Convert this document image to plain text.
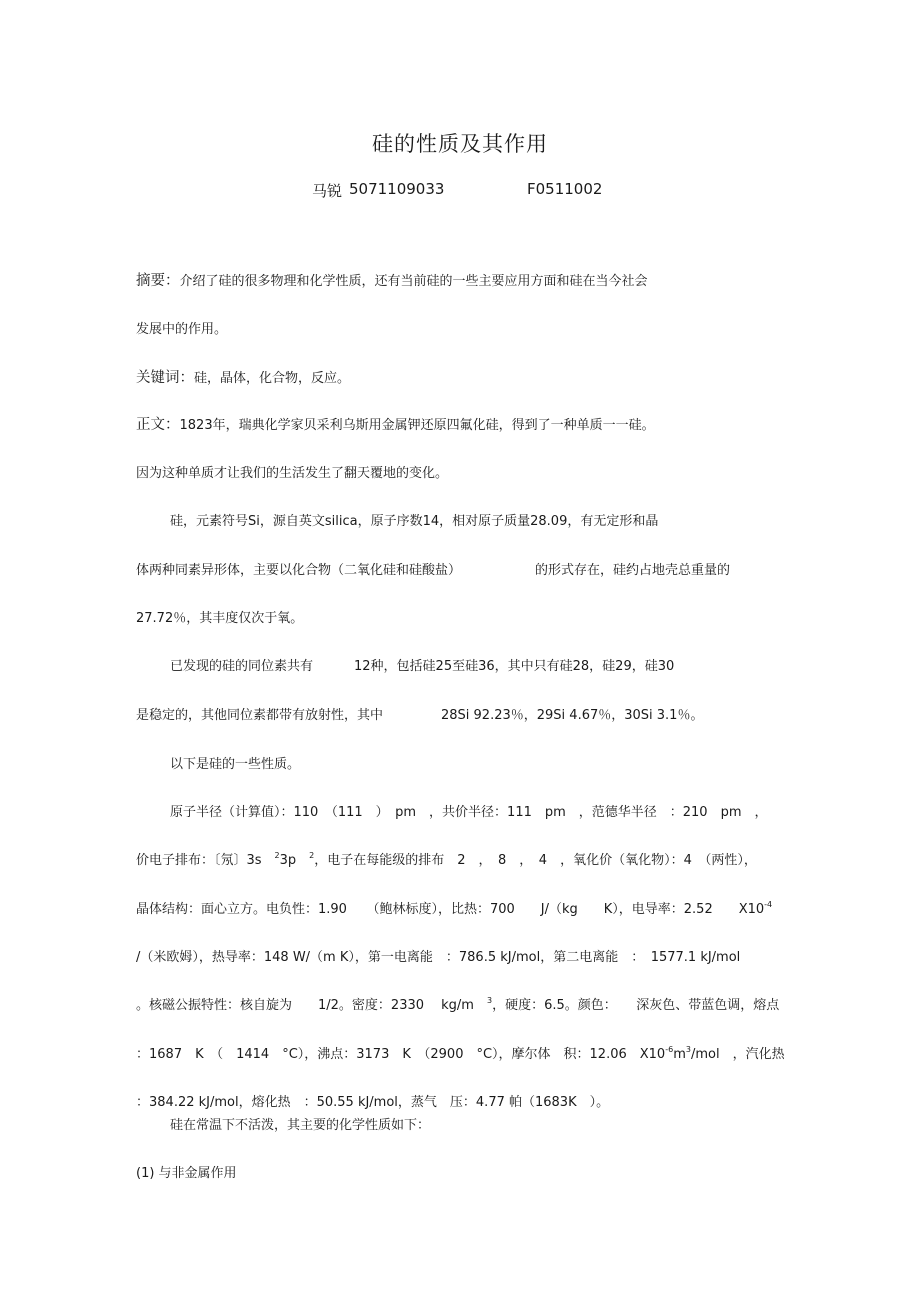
硅的性质及其作用
马锐 5071109033	F0511002
摘要：介绍了硅的很多物理和化学性质，还有当前硅的一些主要应用方面和硅在当今社会
发展中的作用。
关键词：硅，晶体，化合物，反应。
正文：1823年，瑞典化学家贝采利乌斯用金属钾还原四氟化硅，得到了一种单质一一硅。
因为这种单质才让我们的生活发生了翻天覆地的变化。
硅，元素符号Si，源自英文silica，原子序数14，相对原子质量28.09，有无定形和晶
体两种同素异形体，主要以化合物（二氧化硅和硅酸盐）	的形式存在，硅约占地壳总重量的
27.72％，其丰度仅次于氧。
已发现的硅的同位素共有	12种，包括硅25至硅36，其中只有硅28，硅29，硅30
是稳定的，其他同位素都带有放射性，其中	28Si 92.23％，29Si 4.67％，30Si 3.1％。
以下是硅的一些性质。
原子半径（计算值）：110　（111　）　pm　，共价半径：111　pm　，范德华半径　：210　pm　，
价电子排布：〔氖〕3s　$^2$3p　$^2$，电子在每能级的排布　2　，　8　，　4　，氧化价（氧化物）：4　（两性），
晶体结构：面心立方。电负性：1.90　　（鲍林标度），比热：700　　J/（kg　　K），电导率：2.52　　$X10^{-4}$
/（米欧姆），热导率：148 W/（m K），第一电离能　：786.5 kJ/mol，第二电离能　：　1577.1 kJ/mol
。核磁公振特性：核自旋为　　1/2。密度：2330　 kg/m　$^3$，硬度：6.5。颜色：　　深灰色、带蓝色调，熔点
：1687　K　（　1414　°C），沸点：3173　K　（2900　°C），摩尔体　积：12.06　$X10^{-6}m^3$/mol　，汽化热
：384.22 kJ/mol，熔化热　：50.55 kJ/mol，蒸气　压：4.77 帕（1683K　）。
硅在常温下不活泼，其主要的化学性质如下：
(1) 与非金属作用
